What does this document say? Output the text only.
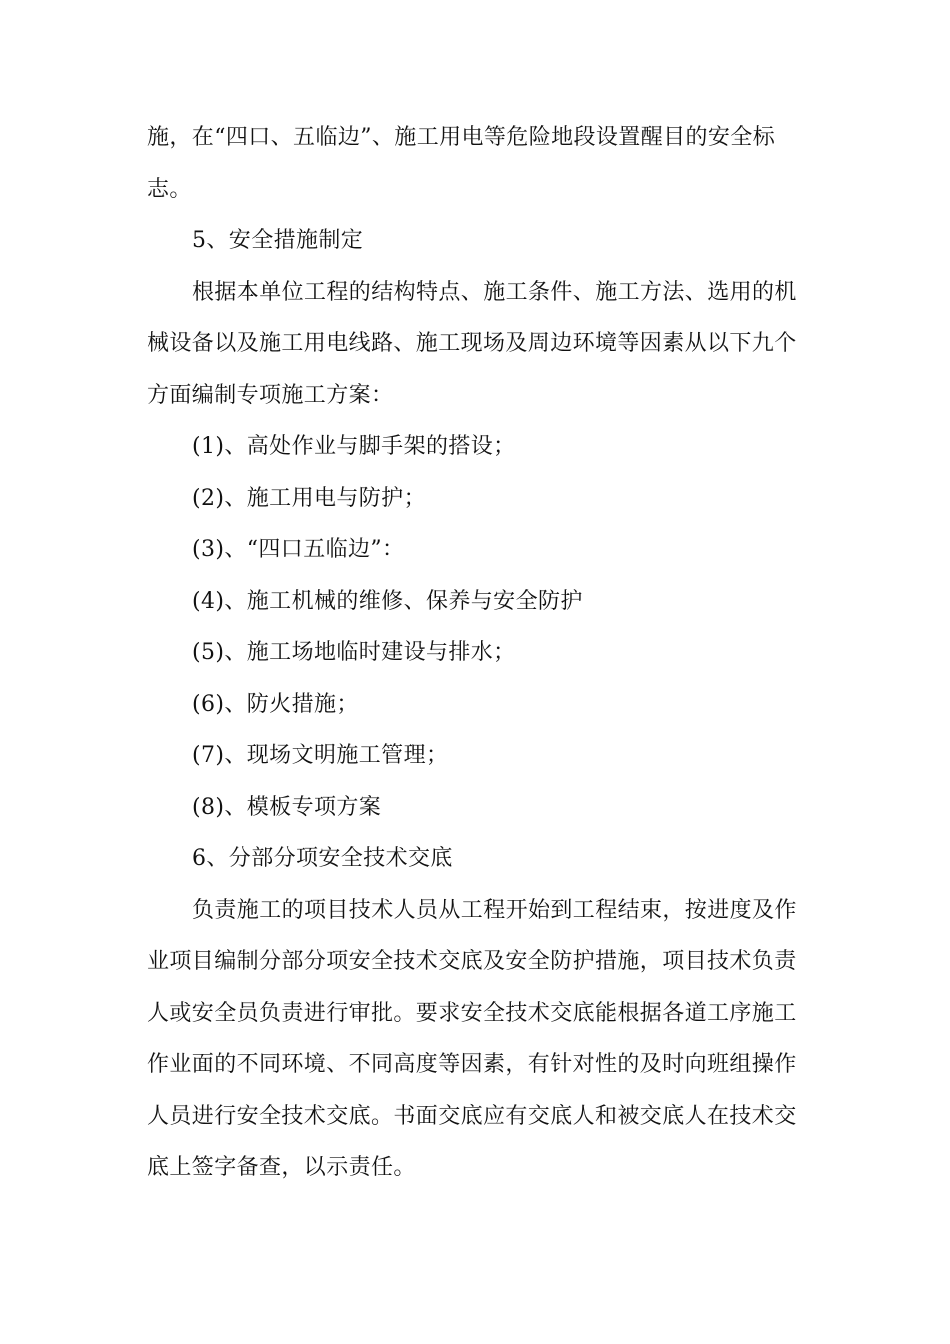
施，在“四口、五临边”、施工用电等危险地段设置醒目的安全标
志。
5、安全措施制定
根据本单位工程的结构特点、施工条件、施工方法、选用的机
械设备以及施工用电线路、施工现场及周边环境等因素从以下九个
方面编制专项施工方案：
(1)、高处作业与脚手架的搭设；
(2)、施工用电与防护；
(3)、“四口五临边”：
(4)、施工机械的维修、保养与安全防护
(5)、施工场地临时建设与排水；
(6)、防火措施；
(7)、现场文明施工管理；
(8)、模板专项方案
6、分部分项安全技术交底
负责施工的项目技术人员从工程开始到工程结束，按进度及作
业项目编制分部分项安全技术交底及安全防护措施，项目技术负责
人或安全员负责进行审批。要求安全技术交底能根据各道工序施工
作业面的不同环境、不同高度等因素，有针对性的及时向班组操作
人员进行安全技术交底。书面交底应有交底人和被交底人在技术交
底上签字备查，以示责任。
